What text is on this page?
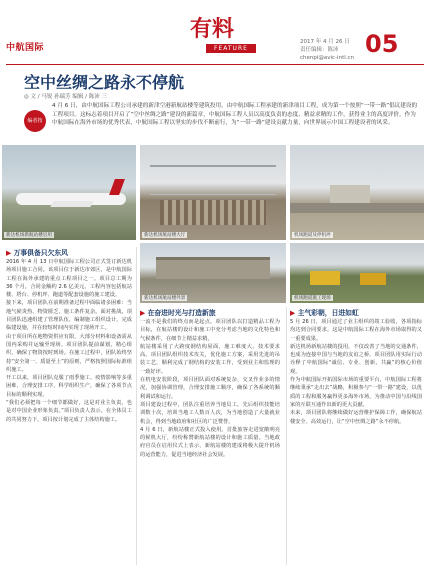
中航国际
有料
FEATURE
2017 年 4 月 26 日
责任编辑：陈沛
chenpi@avic-intl.cn 05
空中丝绸之路永不停航
◎ 文 / 马锐 孙瑞芳 编辑 / 陈沛 三
编者按
4 月 6 日，由中航国际工程公司承建的新津空港新航站楼等建筑投用，由中航国际工程承建的新津项目工程，成为第一个按照“一带一路”倡议建设的工程项目。这标志着项目开启了“空中丝绸之路”建设的新篇章，中航国际工程人员以高度负责的态度、精益求精的工作，获得业主的高度评价。作为中航国际在海外市场的优秀代表，中航国际工程以坚实的步伐不断前行，为“一带一路”建设贡献力量，向世界展示中国工程建设者的风采。
新达机场新航站楼启用	新达机场航站楼大厅	机场跑道及停机坪
新达机场航站楼外景	机场跑道施工现场
▶ 万事俱备只欠东风

2016 年 4 月 13 日中航国际工程公司正式签订新达机场项目施工合同。该项目位于新达市郊区，是中航国际工程在海外承建的重点工程项目之一。项目总工期为 36 个月，合同金额约 2.6 亿美元。工程内容包括航站楼、塔台、停机坪、跑道等配套设施的施工建设。

接下来，项目团队在前期准备过程中面临诸多困难：当地气候炎热、物资匮乏、施工条件复杂。面对挑战，项目团队迅速组建了管理队伍，编制施工组织设计，完成临建设施，并在较短时间内实现了现场开工。

由于项目所在地物资供应有限，大部分材料和设备需从国内采购并运输至现场。项目团队提前谋划，精心组织，确保了物资按时到场。在施工过程中，团队始终坚持“安全第一、质量至上”的原则，严格按照国际标准组织施工。

开工以来，项目团队克服了雨季施工、疫情影响等多重困难，合理安排工序，科学组织生产，确保了各项节点目标的顺利实现。

“我们必须把每一个细节都做好，这是对业主负责，也是对中国企业形象负责。”项目负责人表示。在全体员工的共同努力下，项目按计划完成了主体结构施工。

▶ 在奋进时光与打造新旅

一流不是我们的终点而是起点。项目团队以打造精品工程为目标，在航站楼的设计和施工中充分考虑当地的文化特色和气候条件，在细节上精益求精。

航站楼采用了大跨度钢结构屋面，施工难度大、技术要求高。项目团队组织技术攻关，优化施工方案，采用先进的吊装工艺，顺利完成了钢结构的安装工作，受到业主和监理的一致好评。

在机电安装阶段，项目团队面对系统复杂、交叉作业多的情况，加强协调管理，合理安排施工顺序，确保了各系统的顺利调试和运行。

项目建设过程中，团队注重培养当地员工，先后组织技能培训数十次，培训当地工人数百人次，为当地创造了大量就业机会，得到当地政府和社区的广泛赞誉。

4 月 6 日，新航站楼正式投入使用。首批旅客走进宽敞明亮的候机大厅，纷纷称赞新航站楼的设计和施工质量。当地政府官员在启用仪式上表示，新航站楼的建成将极大提升机场的运营能力，促进当地经济社会发展。

▶ 主气彩朝，日进如虹

5 月 26 日，项目通过了业主组织的竣工验收，各项指标均达到合同要求。这是中航国际工程在海外市场取得的又一重要成果。

新达机场新航站楼的投用，不仅改善了当地的交通条件，也成为连接中国与当地的友谊之桥。项目团队用实际行动诠释了中航国际“诚信、专业、创新、共赢”的核心价值观。

作为中航国际开拓国际市场的重要平台，中航国际工程将继续秉承“走出去”战略，积极参与“一带一路”建设，以优质的工程和服务赢得更多海外市场，为推动中国与沿线国家的互联互通作出新的更大贡献。

未来，项目团队将继续做好运营维护保障工作，确保航站楼安全、高效运行，让“空中丝绸之路”永不停航。
